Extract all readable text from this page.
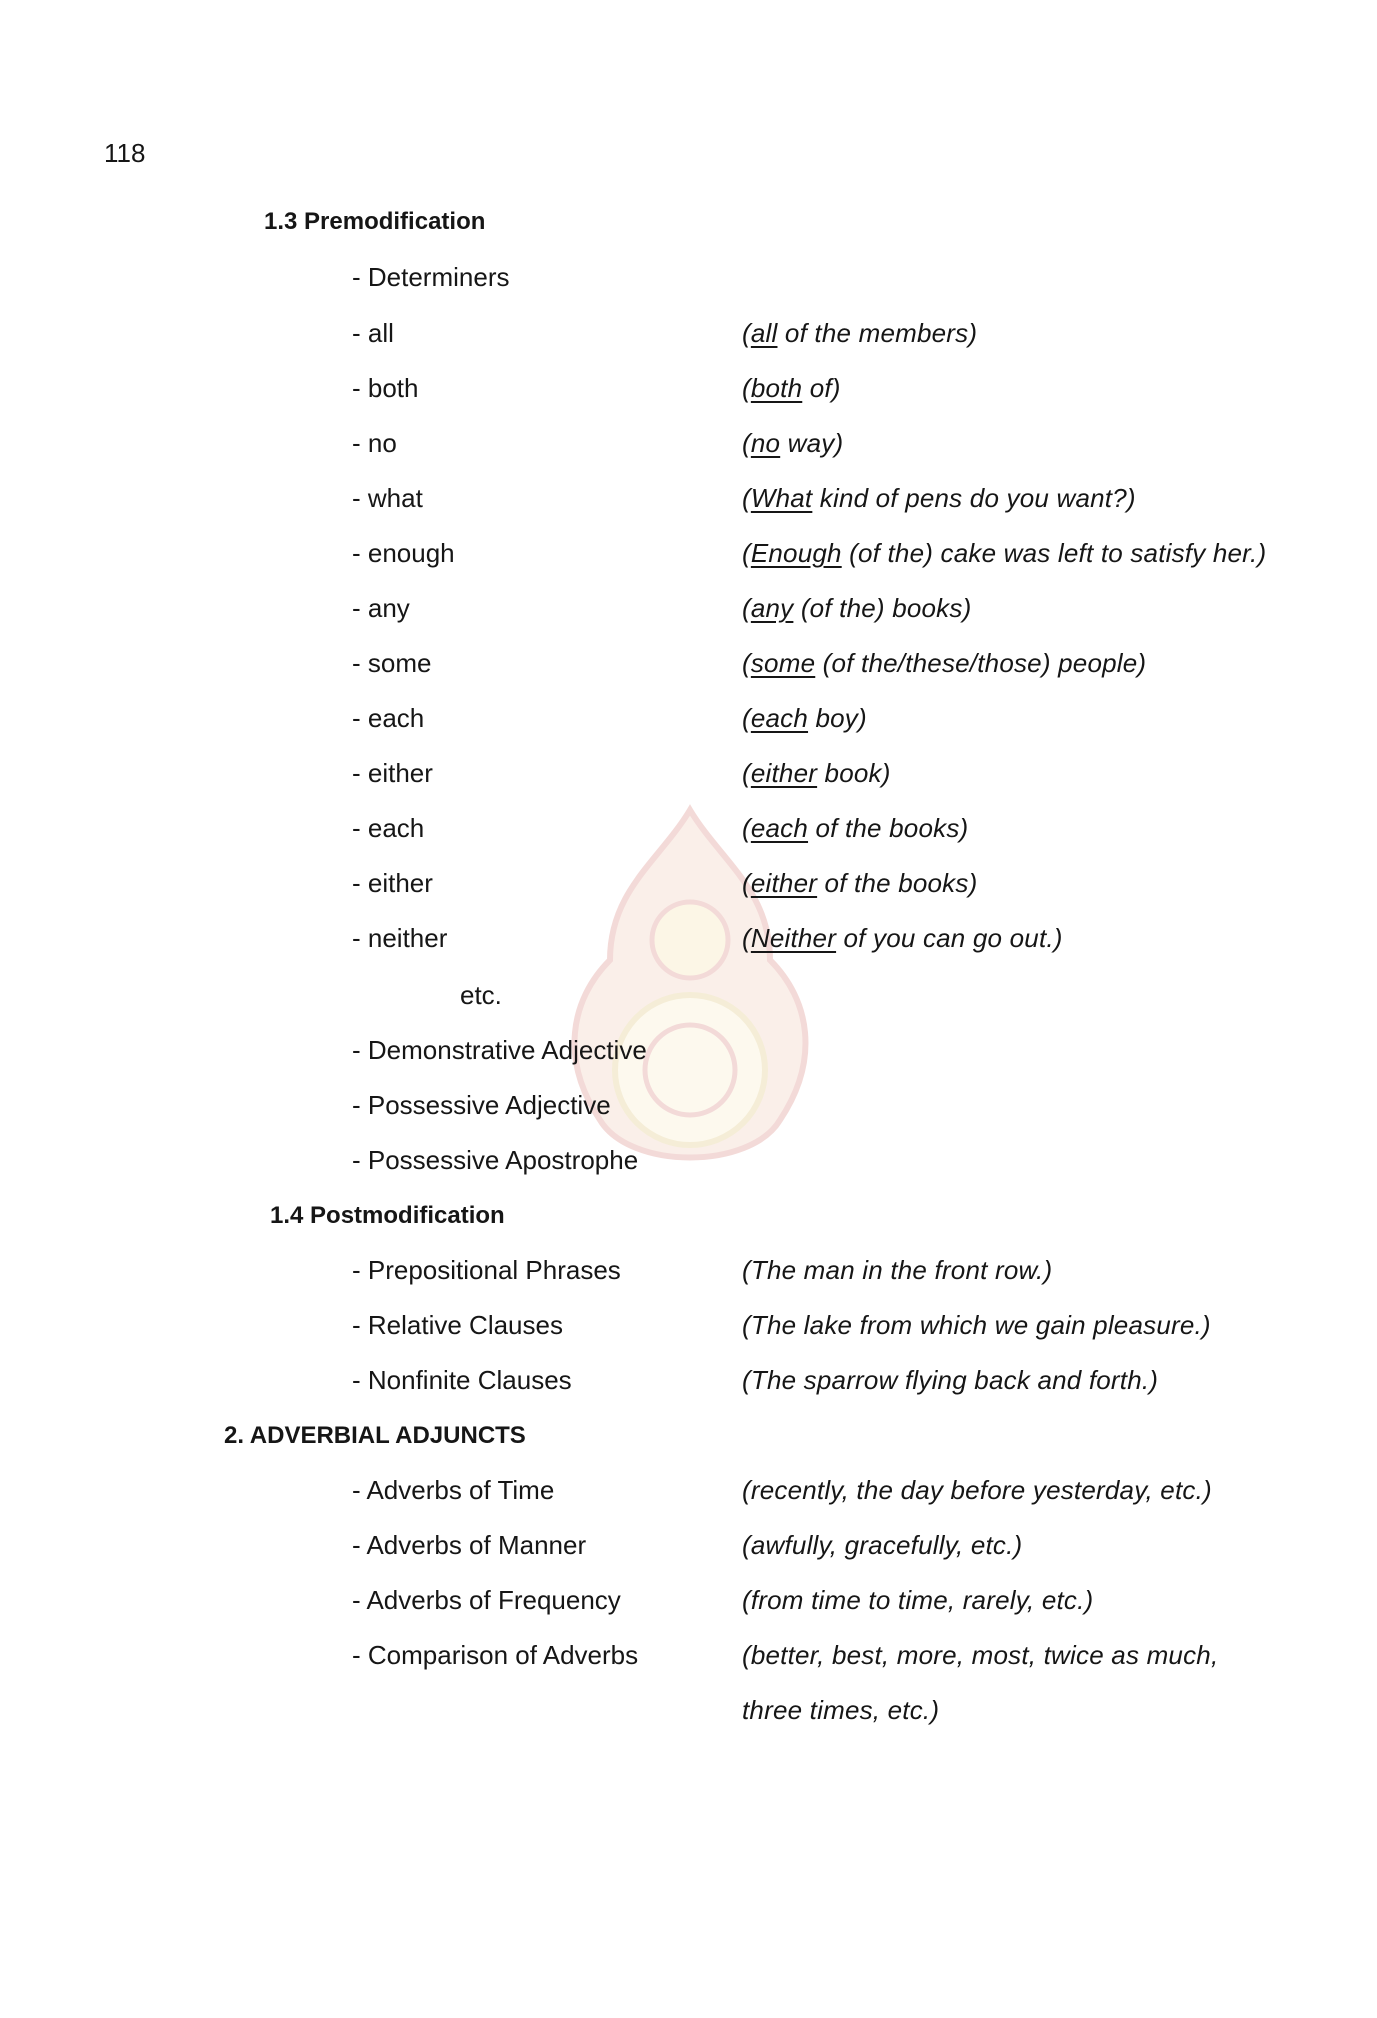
118
1.3 Premodification
- Determiners
- all	(all of the members)
- both	(both of)
- no	(no way)
- what	(What kind of pens do you want?)
- enough	(Enough (of the) cake was left to satisfy her.)
- any	(any (of the) books)
- some	(some (of the/these/those) people)
- each	(each boy)
- either	(either book)
- each	(each of the books)
- either	(either of the books)
- neither	(Neither of you can go out.)
etc.
- Demonstrative Adjective
- Possessive Adjective
- Possessive Apostrophe
1.4 Postmodification
- Prepositional Phrases	(The man in the front row.)
- Relative Clauses	(The lake from which we gain pleasure.)
- Nonfinite Clauses	(The sparrow flying back and forth.)
2. ADVERBIAL ADJUNCTS
- Adverbs of Time	(recently, the day before yesterday, etc.)
- Adverbs of Manner	(awfully, gracefully, etc.)
- Adverbs of Frequency	(from time to time, rarely, etc.)
- Comparison of Adverbs	(better, best, more, most, twice as much,
three times, etc.)
